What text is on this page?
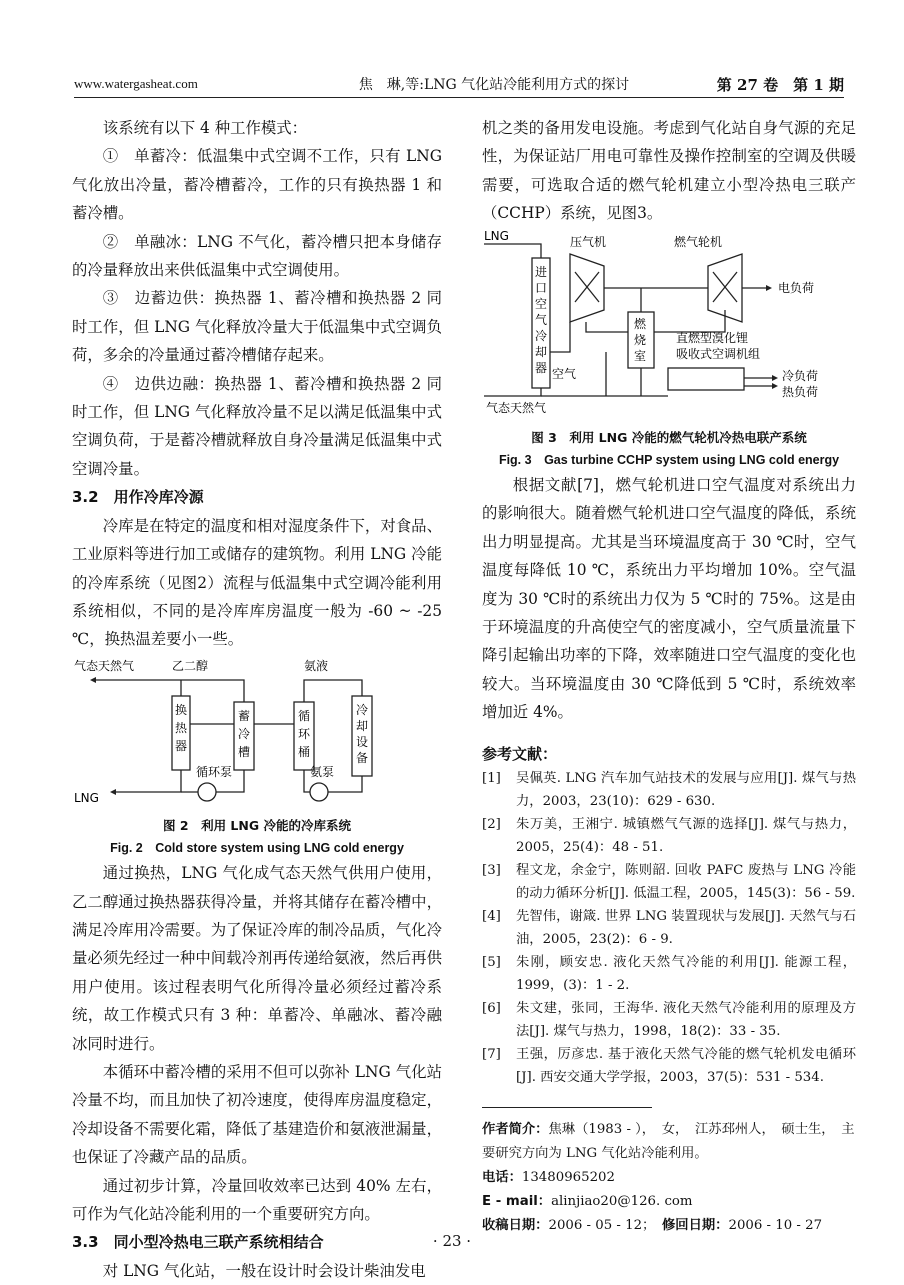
www.watergasheat.com	焦　琳,等:LNG 气化站冷能利用方式的探讨	第 27 卷　第 1 期

该系统有以下 4 种工作模式：

①　单蓄冷：低温集中式空调不工作，只有 LNG 气化放出冷量，蓄冷槽蓄冷，工作的只有换热器 1 和蓄冷槽。

②　单融冰：LNG 不气化，蓄冷槽只把本身储存的冷量释放出来供低温集中式空调使用。

③　边蓄边供：换热器 1、蓄冷槽和换热器 2 同时工作，但 LNG 气化释放冷量大于低温集中式空调负荷，多余的冷量通过蓄冷槽储存起来。

④　边供边融：换热器 1、蓄冷槽和换热器 2 同时工作，但 LNG 气化释放冷量不足以满足低温集中式空调负荷，于是蓄冷槽就释放自身冷量满足低温集中式空调冷量。

3.2　用作冷库冷源

冷库是在特定的温度和相对湿度条件下，对食品、工业原料等进行加工或储存的建筑物。利用 LNG 冷能的冷库系统（见图2）流程与低温集中式空调冷能利用系统相似，不同的是冷库库房温度一般为 -60 ~ -25 ℃，换热温差要小一些。

气态天然气	乙二醇	氨液
换
热
器
蓄
冷
槽
循
环
桶
冷
却
设
备
循环泵	氨泵
LNG
图 2　利用 LNG 冷能的冷库系统
Fig. 2　Cold store system using LNG cold energy

通过换热，LNG 气化成气态天然气供用户使用，乙二醇通过换热器获得冷量，并将其储存在蓄冷槽中，满足冷库用冷需要。为了保证冷库的制冷品质，气化冷量必须先经过一种中间载冷剂再传递给氨液，然后再供用户使用。该过程表明气化所得冷量必须经过蓄冷系统，故工作模式只有 3 种：单蓄冷、单融冰、蓄冷融冰同时进行。

本循环中蓄冷槽的采用不但可以弥补 LNG 气化站冷量不均，而且加快了初冷速度，使得库房温度稳定，冷却设备不需要化霜，降低了基建造价和氨液泄漏量，也保证了冷藏产品的品质。

通过初步计算，冷量回收效率已达到 40% 左右，可作为气化站冷能利用的一个重要研究方向。

3.3　同小型冷热电三联产系统相结合

对 LNG 气化站，一般在设计时会设计柴油发电

机之类的备用发电设施。考虑到气化站自身气源的充足性，为保证站厂用电可靠性及操作控制室的空调及供暖需要，可选取合适的燃气轮机建立小型冷热电三联产（CCHP）系统，见图3。

LNG	压气机	燃气轮机
电负荷
进
口
空
气
冷
却
器
燃
烧
室
直燃型溴化锂
吸收式空调机组
空气
气态天然气
冷负荷
热负荷
图 3　利用 LNG 冷能的燃气轮机冷热电联产系统
Fig. 3　Gas turbine CCHP system using LNG cold energy

根据文献[7]，燃气轮机进口空气温度对系统出力的影响很大。随着燃气轮机进口空气温度的降低，系统出力明显提高。尤其是当环境温度高于 30 ℃时，空气温度每降低 10 ℃，系统出力平均增加 10%。空气温度为 30 ℃时的系统出力仅为 5 ℃时的 75%。这是由于环境温度的升高使空气的密度减小，空气质量流量下降引起输出功率的下降，效率随进口空气温度的变化也较大。当环境温度由 30 ℃降低到 5 ℃时，系统效率增加近 4%。

参考文献：
[1]	吴佩英. LNG 汽车加气站技术的发展与应用[J]. 煤气与热力，2003，23(10)：629 - 630.
[2]	朱万美，王湘宁. 城镇燃气气源的选择[J]. 煤气与热力，2005，25(4)：48 - 51.
[3]	程文龙，余金宁，陈则韶. 回收 PAFC 废热与 LNG 冷能的动力循环分析[J]. 低温工程，2005，145(3)：56 - 59.
[4]	先智伟，谢箴. 世界 LNG 装置现状与发展[J]. 天然气与石油，2005，23(2)：6 - 9.
[5]	朱刚，顾安忠. 液化天然气冷能的利用[J]. 能源工程，1999，(3)：1 - 2.
[6]	朱文建，张同，王海华. 液化天然气冷能利用的原理及方法[J]. 煤气与热力，1998，18(2)：33 - 35.
[7]	王强，厉彦忠. 基于液化天然气冷能的燃气轮机发电循环[J]. 西安交通大学学报，2003，37(5)：531 - 534.
作者简介：焦琳（1983 - ），　女，　江苏邳州人，　硕士生，　主要研究方向为 LNG 气化站冷能利用。
电话：13480965202
E - mail：alinjiao20@126. com
收稿日期：2006 - 05 - 12；　 修回日期：2006 - 10 - 27
· 23 ·
